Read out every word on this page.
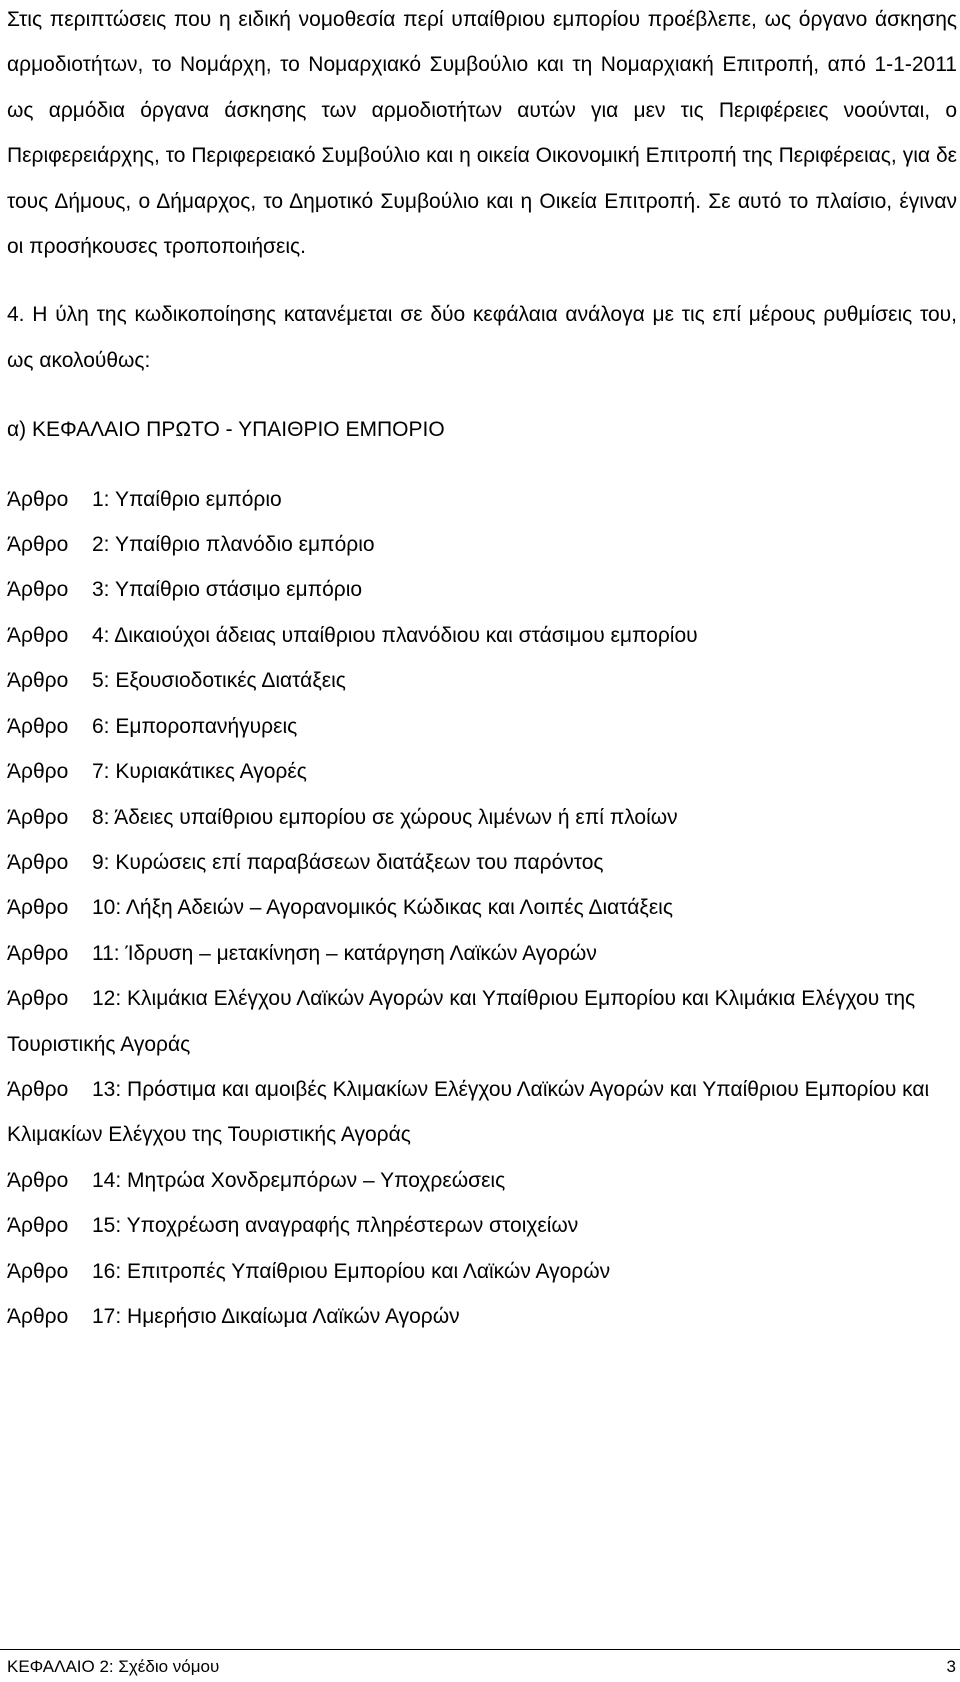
Στις περιπτώσεις που η ειδική νομοθεσία περί υπαίθριου εμπορίου προέβλεπε, ως όργανο άσκησης αρμοδιοτήτων, το Νομάρχη, το Νομαρχιακό Συμβούλιο και τη Νομαρχιακή Επιτροπή, από 1-1-2011 ως αρμόδια όργανα άσκησης των αρμοδιοτήτων αυτών για μεν τις Περιφέρειες νοούνται, ο Περιφερειάρχης, το Περιφερειακό Συμβούλιο και η οικεία Οικονομική Επιτροπή της Περιφέρειας, για δε τους Δήμους, ο Δήμαρχος, το Δημοτικό Συμβούλιο και η Οικεία Επιτροπή. Σε αυτό το πλαίσιο, έγιναν οι προσήκουσες τροποποιήσεις.

4. Η ύλη της κωδικοποίησης κατανέμεται σε δύο κεφάλαια ανάλογα με τις επί μέρους ρυθμίσεις του, ως ακολούθως:

α) ΚΕΦΑΛΑΙΟ ΠΡΩΤΟ - ΥΠΑΙΘΡΙΟ ΕΜΠΟΡΙΟ

Άρθρο 1: Υπαίθριο εμπόριο
Άρθρο 2: Υπαίθριο πλανόδιο εμπόριο
Άρθρο 3: Υπαίθριο στάσιμο εμπόριο
Άρθρο 4: Δικαιούχοι άδειας υπαίθριου πλανόδιου και στάσιμου εμπορίου
Άρθρο 5: Εξουσιοδοτικές Διατάξεις
Άρθρο 6: Εμποροπανήγυρεις
Άρθρο 7: Κυριακάτικες Αγορές
Άρθρο 8: Άδειες υπαίθριου εμπορίου σε χώρους λιμένων ή επί πλοίων
Άρθρο 9: Κυρώσεις επί παραβάσεων διατάξεων του παρόντος
Άρθρο 10: Λήξη Αδειών – Αγορανομικός Κώδικας και Λοιπές Διατάξεις
Άρθρο 11: Ίδρυση – μετακίνηση – κατάργηση Λαϊκών Αγορών
Άρθρο 12: Κλιμάκια Ελέγχου Λαϊκών Αγορών και Υπαίθριου Εμπορίου και Κλιμάκια Ελέγχου της Τουριστικής Αγοράς
Άρθρο 13: Πρόστιμα και αμοιβές Κλιμακίων Ελέγχου Λαϊκών Αγορών και Υπαίθριου Εμπορίου και Κλιμακίων Ελέγχου της Τουριστικής Αγοράς
Άρθρο 14: Μητρώα Χονδρεμπόρων – Υποχρεώσεις
Άρθρο 15: Υποχρέωση αναγραφής πληρέστερων στοιχείων
Άρθρο 16: Επιτροπές Υπαίθριου Εμπορίου και Λαϊκών Αγορών
Άρθρο 17: Ημερήσιο Δικαίωμα Λαϊκών Αγορών
ΚΕΦΑΛΑΙΟ 2: Σχέδιο νόμου	3
